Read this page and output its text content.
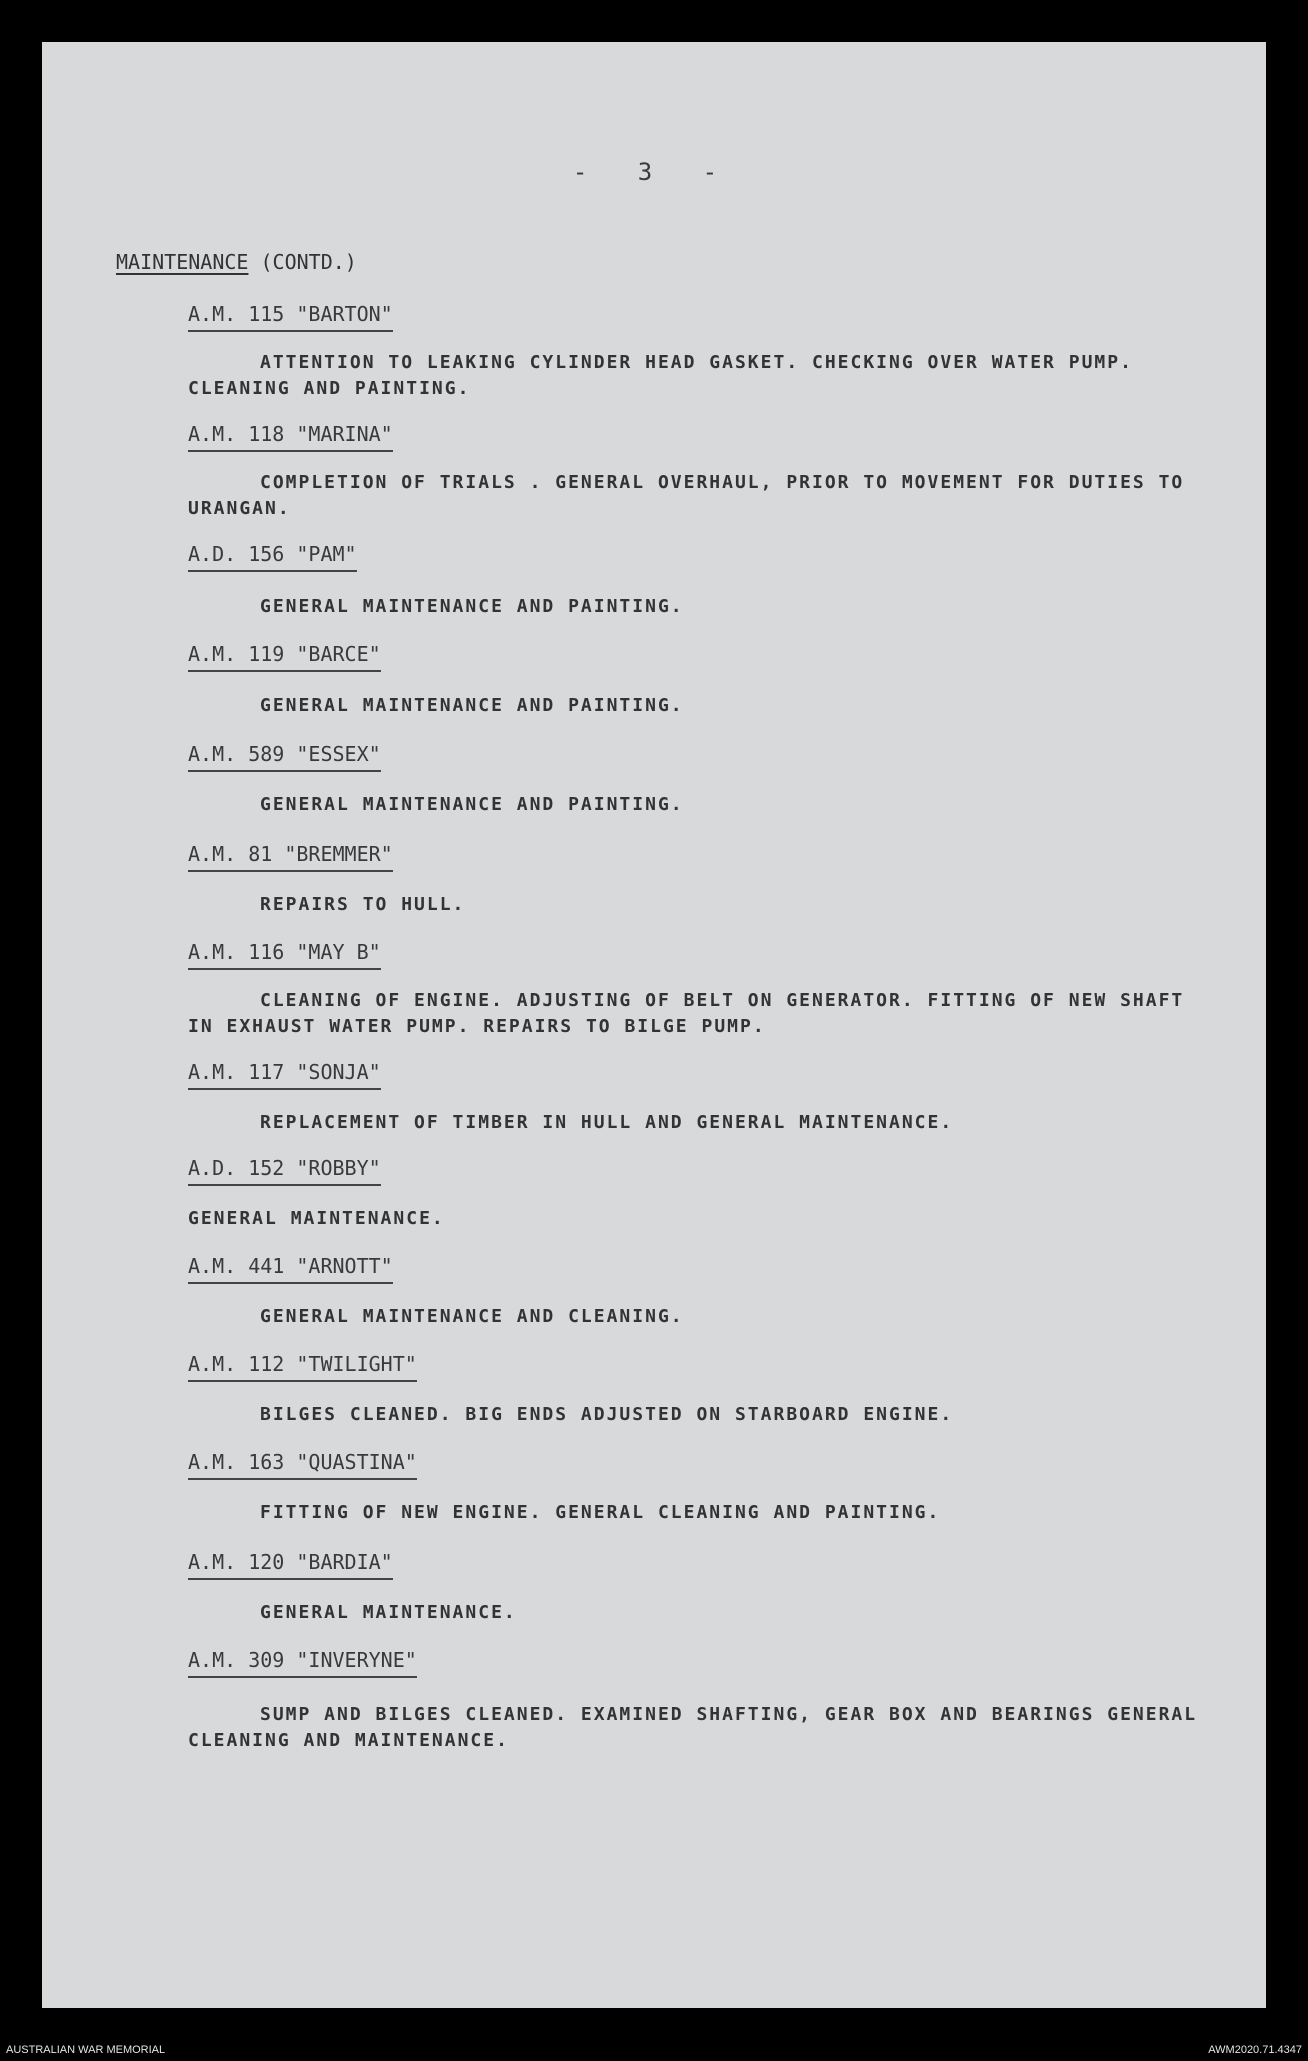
- 3 -
MAINTENANCE (CONTD.)
A.M. 115 "BARTON"
ATTENTION TO LEAKING CYLINDER HEAD GASKET. CHECKING OVER WATER PUMP. CLEANING AND PAINTING.
A.M. 118 "MARINA"
COMPLETION OF TRIALS . GENERAL OVERHAUL, PRIOR TO MOVEMENT FOR DUTIES TO URANGAN.
A.D. 156 "PAM"
GENERAL MAINTENANCE AND PAINTING.
A.M. 119 "BARCE"
GENERAL MAINTENANCE AND PAINTING.
A.M. 589 "ESSEX"
GENERAL MAINTENANCE AND PAINTING.
A.M. 81 "BREMMER"
REPAIRS TO HULL.
A.M. 116 "MAY B"
CLEANING OF ENGINE. ADJUSTING OF BELT ON GENERATOR. FITTING OF NEW SHAFT IN EXHAUST WATER PUMP. REPAIRS TO BILGE PUMP.
A.M. 117 "SONJA"
REPLACEMENT OF TIMBER IN HULL AND GENERAL MAINTENANCE.
A.D. 152 "ROBBY"
GENERAL MAINTENANCE.
A.M. 441 "ARNOTT"
GENERAL MAINTENANCE AND CLEANING.
A.M. 112 "TWILIGHT"
BILGES CLEANED. BIG ENDS ADJUSTED ON STARBOARD ENGINE.
A.M. 163 "QUASTINA"
FITTING OF NEW ENGINE. GENERAL CLEANING AND PAINTING.
A.M. 120 "BARDIA"
GENERAL MAINTENANCE.
A.M. 309 "INVERYNE"
SUMP AND BILGES CLEANED. EXAMINED SHAFTING, GEAR BOX AND BEARINGS GENERAL CLEANING AND MAINTENANCE.
AUSTRALIAN WAR MEMORIAL	AWM2020.71.4347
